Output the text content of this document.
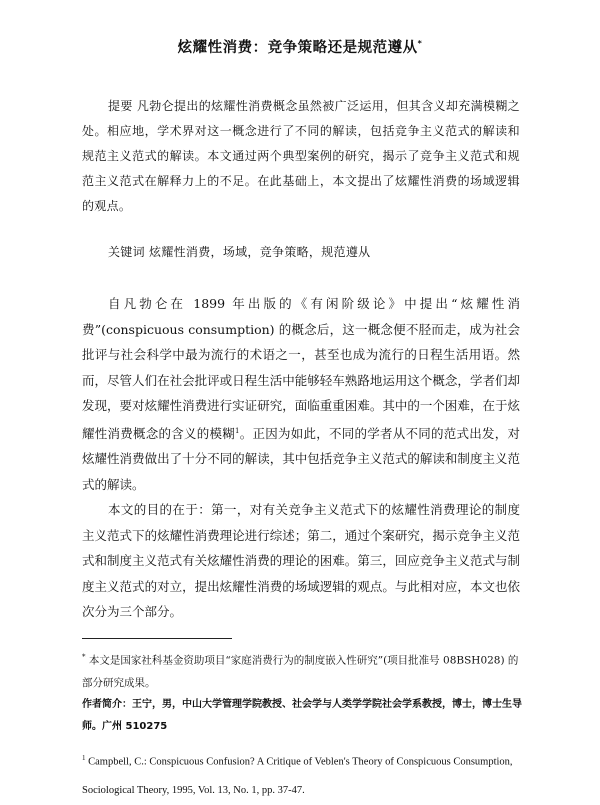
炫耀性消费：竞争策略还是规范遵从*
提要 凡勃仑提出的炫耀性消费概念虽然被广泛运用，但其含义却充满模糊之处。相应地，学术界对这一概念进行了不同的解读，包括竞争主义范式的解读和规范主义范式的解读。本文通过两个典型案例的研究，揭示了竞争主义范式和规范主义范式在解释力上的不足。在此基础上，本文提出了炫耀性消费的场域逻辑的观点。
关键词 炫耀性消费，场域，竞争策略，规范遵从

自凡勃仑在 1899 年出版的《有闲阶级论》中提出“炫耀性消费”(conspicuous consumption) 的概念后，这一概念便不胫而走，成为社会批评与社会科学中最为流行的术语之一，甚至也成为流行的日程生活用语。然而，尽管人们在社会批评或日程生活中能够轻车熟路地运用这个概念，学者们却发现，要对炫耀性消费进行实证研究，面临重重困难。其中的一个困难，在于炫耀性消费概念的含义的模糊$^1$。正因为如此，不同的学者从不同的范式出发，对炫耀性消费做出了十分不同的解读，其中包括竞争主义范式的解读和制度主义范式的解读。

本文的目的在于：第一，对有关竞争主义范式下的炫耀性消费理论的制度主义范式下的炫耀性消费理论进行综述；第二，通过个案研究，揭示竞争主义范式和制度主义范式有关炫耀性消费的理论的困难。第三，回应竞争主义范式与制度主义范式的对立，提出炫耀性消费的场域逻辑的观点。与此相对应，本文也依次分为三个部分。

* 本文是国家社科基金资助项目“家庭消费行为的制度嵌入性研究”(项目批准号 08BSH028) 的部分研究成果。

作者简介：王宁，男，中山大学管理学院教授、社会学与人类学学院社会学系教授，博士，博士生导师。广州 510275

$^1$ Campbell, C.: Conspicuous Confusion? A Critique of Veblen's Theory of Conspicuous Consumption, Sociological Theory, 1995, Vol. 13, No. 1, pp. 37-47.
